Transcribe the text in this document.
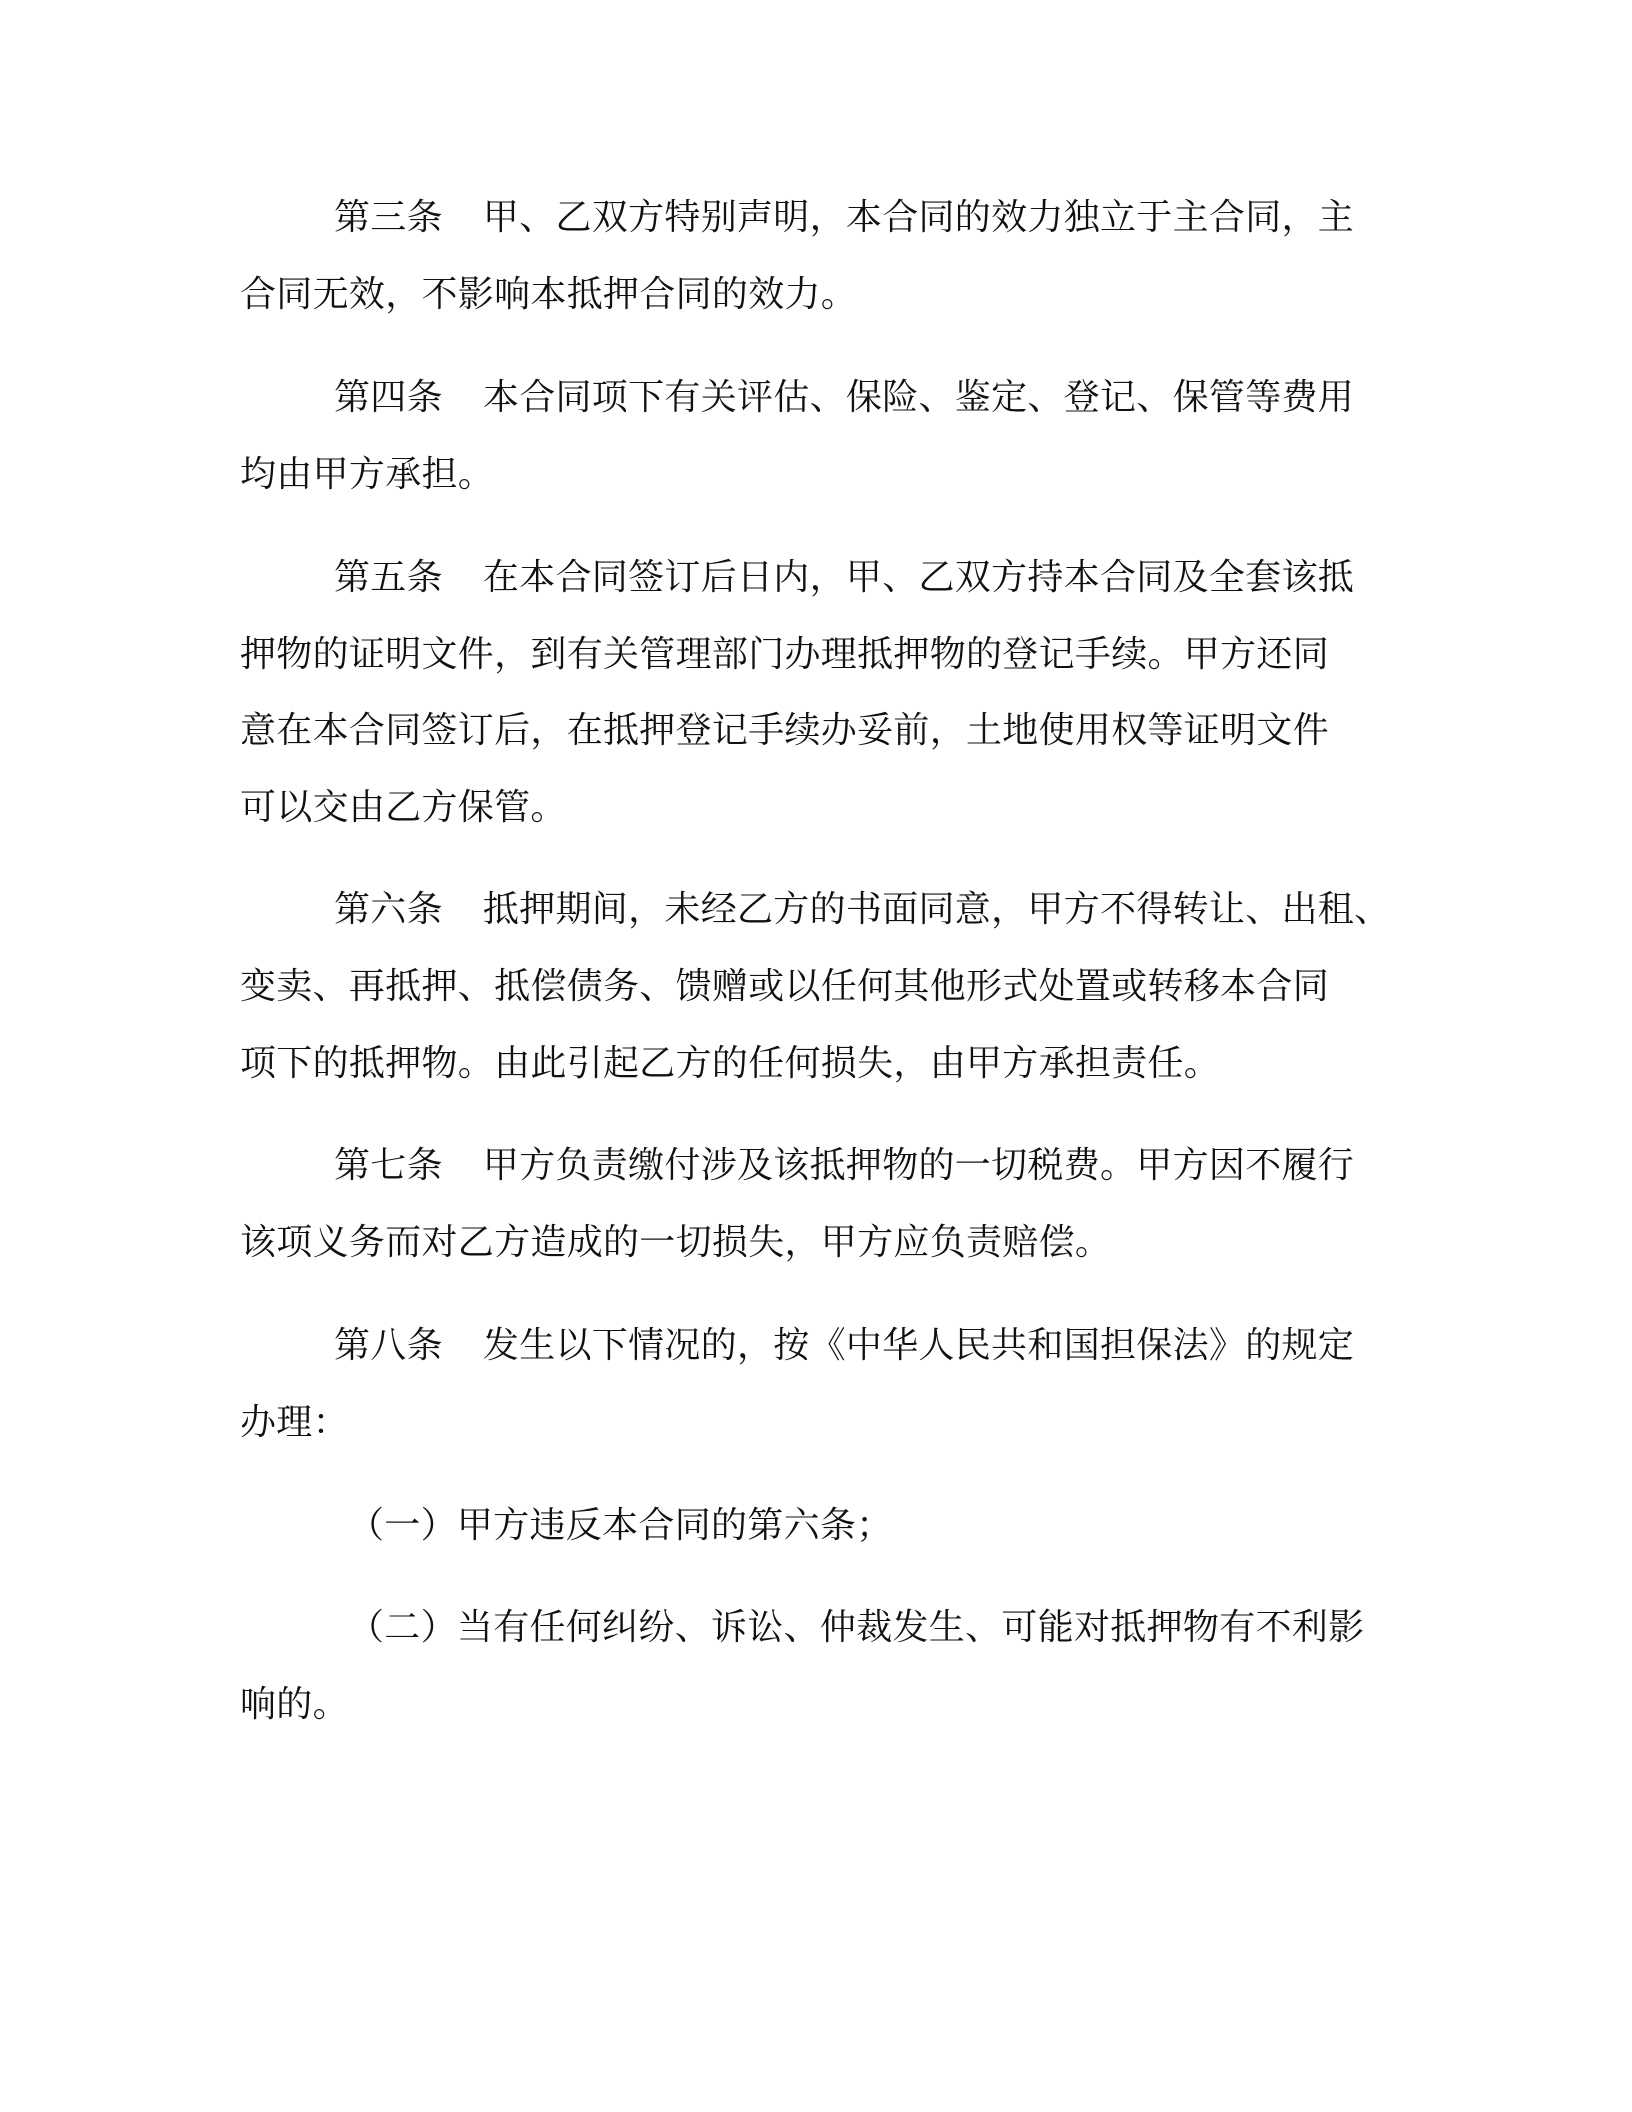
第三条 甲、乙双方特别声明，本合同的效力独立于主合同，主
合同无效，不影响本抵押合同的效力。
第四条 本合同项下有关评估、保险、鉴定、登记、保管等费用
均由甲方承担。
第五条 在本合同签订后日内，甲、乙双方持本合同及全套该抵
押物的证明文件，到有关管理部门办理抵押物的登记手续。甲方还同
意在本合同签订后，在抵押登记手续办妥前，土地使用权等证明文件
可以交由乙方保管。
第六条 抵押期间，未经乙方的书面同意，甲方不得转让、出租、
变卖、再抵押、抵偿债务、馈赠或以任何其他形式处置或转移本合同
项下的抵押物。由此引起乙方的任何损失，由甲方承担责任。
第七条 甲方负责缴付涉及该抵押物的一切税费。甲方因不履行
该项义务而对乙方造成的一切损失，甲方应负责赔偿。
第八条 发生以下情况的，按《中华人民共和国担保法》的规定
办理：
（一）甲方违反本合同的第六条；
（二）当有任何纠纷、诉讼、仲裁发生、可能对抵押物有不利影
响的。
